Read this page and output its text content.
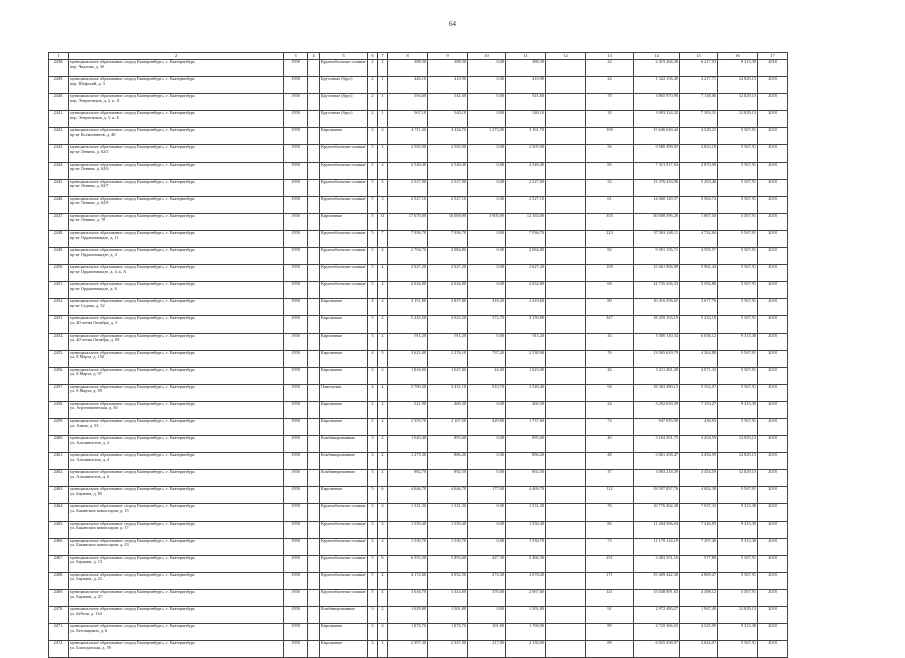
64
1	2	3	4	5	6	7	8	9	10	11	12	13	14	15	16	17
2438.	муниципальное образование «город Екатеринбург», г. Екатеринбург,
пер. Чкалова, д. 3б	1958		Крупноблочные силикат	2	2	388,30	388,30	0,00	388,30		22	2 419 266,38	6 217,03	9 313,38	2018
2439.	муниципальное образование «город Екатеринбург», г. Екатеринбург,
пер. Шефский, д. 3	1958		Брусчатые (брус)	2	1	446,10	410,90	0,00	410,90		24	1 322 156,40	3 217,71	12 829,13	2018
2440.	муниципальное образование «город Екатеринбург», г. Екатеринбург,
пер. Энергетиков, д. 2, к. А	1958		Брусчатые (брус)	2	1	594,60	541,60	0,00	541,60		70	3 865 970,98	7 138,06	12 829,13	2018
2441.	муниципальное образование «город Екатеринбург», г. Екатеринбург,
пер. Энергетиков, д. 5, к. Б	1958		Брусчатые (брус)	2	1	567,10	540,10	0,00	540,10		35	3 993 124,32	7 393,31	12 829,13	2018
2442.	муниципальное образование «город Екатеринбург», г. Екатеринбург,
пр-кт Космонавтов, д. 48	1958		Кирпичные	3	3	4 711,30	4 434,70	1 273,00	3 161,70		109	15 646 649,44	3 528,23	5 567,91	2018
2443.	муниципальное образование «город Екатеринбург», г. Екатеринбург,
пр-кт Ленина, д. 62/5	1958		Крупноблочные силикат	5	3	2 505,90	2 505,90	0,00	2 505,90		56	9 580 499,93	3 823,18	5 567,91	2018
2444.	муниципальное образование «город Екатеринбург», г. Екатеринбург,
пр-кт Ленина, д. 62/6	1958		Крупноблочные силикат	5	3	2 548,40	2 548,40	0,00	2 548,40		83	7 313 917,94	2 870,00	5 567,91	2018
2445.	муниципальное образование «город Екатеринбург», г. Екатеринбург,
пр-кт Ленина, д. 62/7	1958		Крупноблочные силикат	5	3	2 527,00	2 527,00	0,00	2 527,00		52	13 376 433,96	5 293,40	5 567,91	2018
2446.	муниципальное образование «город Екатеринбург», г. Екатеринбург,
пр-кт Ленина, д. 62/8	1958		Крупноблочные силикат	5	3	2 527,10	2 527,10	0,00	2 527,10		61	14 060 129,37	5 563,74	5 567,91	2018
2447.	муниципальное образование «город Екатеринбург», г. Екатеринбург,
пр-кт Ленина, д. 70	1958		Кирпичные	5	11	17 670,00	16 068,90	3 905,90	12 163,00		355	30 008 596,26	1 867,50	5 567,91	2018
2448.	муниципальное образование «город Екатеринбург», г. Екатеринбург,
пр-кт Орджоникидзе, д. 11	1958		Крупноблочные силикат	5	7	7 936,70	7 936,70	0,00	7 936,70		223	37 563 148,11	4 732,84	5 567,91	2018
2449.	муниципальное образование «город Екатеринбург», г. Екатеринбург,
пр-кт Орджоникидзе, д. 4	1958		Крупноблочные силикат	5	4	2 704,70	2 084,80	0,00	2 084,80		82	9 581 156,71	4 595,57	5 567,91	2018
2450.	муниципальное образование «город Екатеринбург», г. Екатеринбург,
пр-кт Орджоникидзе, д. 4, к. А	1958		Крупноблочные силикат	5	4	2 627,20	2 627,20	0,00	2 627,20		109	15 661 906,99	5 961,44	5 567,91	2018
2451.	муниципальное образование «город Екатеринбург», г. Екатеринбург,
пр-кт Орджоникидзе, д. 6	1958		Крупноблочные силикат	5	4	2 634,80	2 634,80	0,00	2 634,80		68	14 735 436,33	5 592,86	5 567,91	2018
2452.	муниципальное образование «город Екатеринбург», г. Екатеринбург,
пр-кт Седова, д. 52	1958		Кирпичные	4	3	3 151,80	2 837,80	418,20	2 419,60		80	10 416 556,65	3 677,76	5 567,91	2018
2453.	муниципальное образование «город Екатеринбург», г. Екатеринбург,
ул. 40-летия Октября, д. 3	1958		Кирпичные	5	2	5 245,50	3 923,50	372,70	3 150,80		347	18 439 103,19	5 233,18	5 567,91	2018
2454.	муниципальное образование «город Екатеринбург», г. Екатеринбург,
ул. 40-летия Октября, д. 69	1958		Кирпичные	3	2	911,20	911,20	0,00	911,20		43	5 500 110,34	6 036,12	9 313,38	2018
2455.	муниципальное образование «город Екатеринбург», г. Екатеринбург,
ул. 8 Марта, д. 150	1958		Кирпичные	4	3	3 621,00	3 276,10	737,20	2 538,90		76	13 965 619,79	4 262,88	5 567,91	2018
2456.	муниципальное образование «город Екатеринбург», г. Екатеринбург,
ул. 8 Марта, д. 97	1958		Кирпичные	3	2	1 816,00	1 647,00	24,00	1 623,00		42	3 411 481,28	2 071,33	5 567,91	2018
2457.	муниципальное образование «город Екатеринбург», г. Екатеринбург,
ул. 8 Марта, д. 99	1958		Панельные	4	4	3 780,20	3 431,10	910,70	2 520,40		94	18 363 480,13	5 352,07	5 567,91	2018
2458.	муниципальное образование «город Екатеринбург», г. Екатеринбург,
ул. Агрономическая, д. 50	1958		Кирпичные	2	2	521,90	460,30	0,00	460,30		24	3 292 650,39	7 153,27	9 313,38	2018
2459.	муниципальное образование «город Екатеринбург», г. Екатеринбург,
ул. Азина, д. 53	1958		Кирпичные	5	2	2 359,70	2 167,50	429,80	1 737,60		74	947 055,90	436,93	5 567,91	2018
2460.	муниципальное образование «город Екатеринбург», г. Екатеринбург,
ул. Альпинистов, д. 2	1958		Комбинированные	3	2	1 040,40	895,60	0,00	895,60		40	3 104 291,75	3 454,59	12 829,13	2018
2461.	муниципальное образование «город Екатеринбург», г. Екатеринбург,
ул. Альпинистов, д. 4	1958		Комбинированные	3	2	1 273,30	886,20	0,00	886,20		48	3 061 458,47	3 454,59	12 829,13	2018
2462.	муниципальное образование «город Екатеринбург», г. Екатеринбург,
ул. Альпинистов, д. 6	1958		Комбинированные	3	2	982,70	892,50	0,00	892,50		37	3 083 218,39	3 454,59	12 829,13	2018
2463.	муниципальное образование «город Екатеринбург», г. Екатеринбург,
ул. Баумана, д. 85	1958		Кирпичные	5	6	4 646,70	4 646,70	177,00	4 469,70		112	18 597 837,76	4 002,38	5 567,91	2018
2464.	муниципальное образование «город Екатеринбург», г. Екатеринбург,
ул. Бакинских комиссаров, д. 15	1958		Крупноблочные силикат	3	3	1 531,30	1 531,30	0,00	1 531,30		76	10 776 262,38	7 037,33	9 313,38	2018
2465.	муниципальное образование «город Екатеринбург», г. Екатеринбург,
ул. Бакинских комиссаров, д. 17	1958		Крупноблочные силикат	3	3	1 550,40	1 550,40	0,00	1 550,40		86	11 204 506,04	7 226,85	9 313,38	2018
2466.	муниципальное образование «город Екатеринбург», г. Екатеринбург,
ул. Бакинских комиссаров, д. 23	1958		Крупноблочные силикат	3	3	1 530,70	1 530,70	0,00	1 530,70		73	11 170 124,19	7 297,40	9 313,38	2018
2467.	муниципальное образование «город Екатеринбург», г. Екатеринбург,
ул. Бауманa, д. 13	1958		Крупноблочные силикат	5	6	6 555,30	5 893,60	427,30	5 466,30		251	3 403 351,16	577,80	5 567,91	2018
2468.	муниципальное образование «город Екатеринбург», г. Екатеринбург,
ул. Бауманa, д. 21	1958		Крупноблочные силикат	5	4	4 172,60	3 952,50	274,30	3 678,20		171	19 409 442,38	4 869,47	5 567,91	2018
2469.	муниципальное образование «город Екатеринбург», г. Екатеринбург,
ул. Бауманa, д. 27	1958		Крупноблочные силикат	5	4	3 616,70	3 343,60	376,00	2 967,60		121	15 048 891,63	4 498,12	5 567,91	2018
2470.	муниципальное образование «город Екатеринбург», г. Екатеринбург,
ул. Бебеля, д. 134	1958		Комбинированные	3	2	1 629,80	1 501,80	0,00	1 501,80		91	2 972 489,27	1 967,49	12 829,13	2018
2471.	муниципальное образование «город Екатеринбург», г. Екатеринбург,
ул. Бетонщиков, д. 6	1958		Кирпичные	3	3	1 870,70	1 870,70	101,80	1 768,90		89	4 725 366,03	2 525,99	9 313,38	2018
2472.	муниципальное образование «город Екатеринбург», г. Екатеринбург,
ул. Благодатская, д. 59	1958		Кирпичные	3	3	2 397,30	2 347,00	217,00	2 130,00		89	6 025 438,97	3 844,07	5 567,91	2018
